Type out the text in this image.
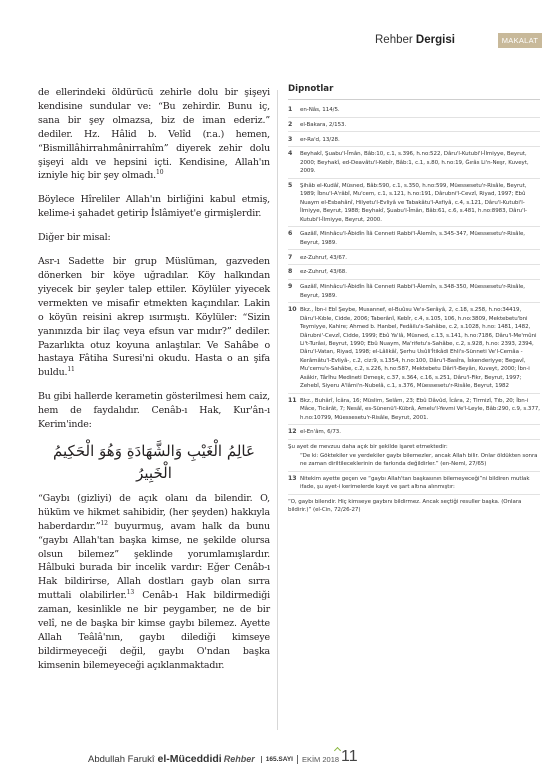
Rehber Dergisi	MAKALAT

de ellerindeki öldürücü zehirle dolu bir şişeyi kendisine sundular ve: “Bu zehirdir. Bunu iç, sana bir şey olmazsa, biz de iman ederiz.” dediler. Hz. Hâlid b. Velîd (r.a.) hemen, “Bismillâhirrahmânirrahîm” diyerek zehir dolu şişeyi aldı ve hepsini içti. Kendisine, Allah'ın izniyle hiç bir şey olmadı.$^{10}$

Böylece Hîreliler Allah'ın birliğini kabul etmiş, kelime-i şahadet getirip İslâmiyet'e girmişlerdir.

Diğer bir misal:

Asr-ı Sadette bir grup Müslüman, gazveden dönerken bir köye uğradılar. Köy halkından yiyecek bir şeyler talep ettiler. Köylüler yiyecek vermekten ve misafir etmekten kaçındılar. Lakin o köyün reisini akrep ısırmıştı. Köylüler: “Sizin yanınızda bir ilaç veya efsun var mıdır?” dediler. Pazarlıkta otuz koyuna anlaştılar. Ve Sahâbe o hastaya Fâtiha Suresi'ni okudu. Hasta o an şifa buldu.$^{11}$

Bu gibi hallerde kerametin gösterilmesi hem caiz, hem de faydalıdır. Cenâb-ı Hak, Kur'ân-ı Kerim'inde:

عَالِمُ الْغَيْبِ وَالشَّهَادَةِ وَهُوَ الْحَكِيمُ الْخَبِيرُ

“Gaybı (gizliyi) de açık olanı da bilendir. O, hüküm ve hikmet sahibidir, (her şeyden) hakkıyla haberdardır.”$^{12}$ buyurmuş, avam halk da bunu “gaybı Allah'tan başka kimse, ne şekilde olursa olsun bilemez” şeklinde yorumlamışlardır. Hâlbuki burada bir incelik vardır: Eğer Cenâb-ı Hak bildirirse, Allah dostları gayb olan sırra muttali olabilirler.$^{13}$ Cenâb-ı Hak bildirmediği zaman, kesinlikle ne bir peygamber, ne de bir velî, ne de başka bir kimse gaybı bilemez. Ayette Allah Teâlâ'nın, gaybı dilediği kimseye bildirmeyeceği değil, gaybı O'ndan başka kimsenin bilemeyeceği açıklanmaktadır.

Dipnotlar
1 en-Nâs, 114/5.
2 el-Bakara, 2/153.
3 er-Ra'd, 13/28.
4 Beyhakî, Şuabu'l-Îmân, Bâb:10, c.1, s.396, h.no:522, Dâru'l-Kutubi'l-İlmiyye, Beyrut, 2000; Beyhakî, ed-Deavâtu'l-Kebîr, Bâb:1, c.1, s.80, h.no:19, Ğırâs Li'n-Neşr, Kuveyt, 2009.
5 Şihâb el-Kudâî, Müsned, Bâb:590, c.1, s.350, h.no:599, Müessesetu'r-Risâle, Beyrut, 1989; İbnu'l-A'râbî, Mu'cem, c.1, s.121, h.no:191, Dârubni'l-Cevzî, Riyad, 1997; Ebû Nuaym el-Esbahânî, Hilyetu'l-Evliyâ ve Tabakâtu'l-Asfiyâ, c.4, s.121, Dâru'l-Kutubi'l-İlmiyye, Beyrut, 1988; Beyhakî, Şuabu'l-Îmân, Bâb:61, c.6, s.481, h.no:8983, Dâru'l-Kutubi'l-İlmiyye, Beyrut, 2000.
6 Gazâlî, Minhâcu'l-Âbidîn İlâ Cenneti Rabbi'l-Âlemîn, s.345-347, Müessesetu'r-Risâle, Beyrut, 1989.
7 ez-Zuhruf, 43/67.
8 ez-Zuhruf, 43/68.
9 Gazâlî, Minhâcu'l-Âbidîn İlâ Cenneti Rabbi'l-Âlemîn, s.348-350, Müessesetu'r-Risâle, Beyrut, 1989.
10 Bkz., İbn-i Ebî Şeybe, Musannef, el-Buûsu Ve's-Serâyâ, 2, c.18, s.258, h.no:34419, Dâru'l-Kıble, Cidde, 2006; Taberânî, Kebîr, c.4, s.105, 106, h.no:3809, Mektebetu'bni Teymiyye, Kahire; Ahmed b. Hanbel, Fedâilu's-Sahâbe, c.2, s.1028, h.no: 1481, 1482, Dârubni'-Cevzî, Cidde, 1999; Ebû Ya'lâ, Müsned, c.13, s.141, h.no:7186, Dâru'l-Me'mûni Li't-Turâsi, Beyrut, 1990; Ebû Nuaym, Ma'rifetu's-Sahâbe, c.2, s.928, h.no: 2393, 2394, Dâru'l-Vatan, Riyad, 1998; el-Lâlikâî, Şerhu Usûli'İtikâdi Ehli's-Sünneti Ve'l-Cemâa -Kerâmâtu'l-Evliyâ-, c.2, ciz:9, s.1354, h.no:100, Dâru'l-Basîra, İskenderiyye; Begavî, Mu'cemu's-Sahâbe, c.2, s.226, h.no:587, Mektebetu Dâri'l-Beyân, Kuveyt, 2000; İbn-i Asâkir, Târîhu Medineti Dımeşk, c.37, s.364, c.16, s.251, Dâru'l-Fikr, Beyrut, 1997; Zehebî, Siyeru A'lâmi'n-Nubelâ, c.1, s.376, Müessesetu'r-Risâle, Beyrut, 1982
11 Bkz., Buhârî, İcâra, 16; Müslim, Selâm, 23; Ebû Dâvûd, İcâra, 2; Tirmizî, Tıb, 20; İbn-i Mâce, Ticârât, 7; Nesâî, es-Sünenü'l-Kübrâ, Amelu'l-Yevmi Ve'l-Leyle, Bâb:290, c.9, s.377, h.no:10799, Müessesetu'r-Risâle, Beyrut, 2001.
12 el-En'âm, 6/73.
Şu ayet de mevzuu daha açık bir şekilde işaret etmektedir:
“De ki: Göktekiler ve yerdekiler gaybı bilemezler, ancak Allah bilir. Onlar öldükten sonra ne zaman diriltileceklerinin de farkında değildirler.” (en-Neml, 27/65)
13 Nitekim ayette geçen ve “gaybı Allah'tan başkasının bilemeyeceği”ni bildiren mutlak ifade, şu ayet-i kerimelerde kayıt ve şart altına alınmıştır:
“O, gaybı bilendir. Hiç kimseye gaybını bildirmez. Ancak seçtiği resuller başka. (Onlara bildirir.)” (el-Cin, 72/26-27)
Abdullah Farukî el-Müceddidi Rehber	165.SAYI	EKİM 2018 11
